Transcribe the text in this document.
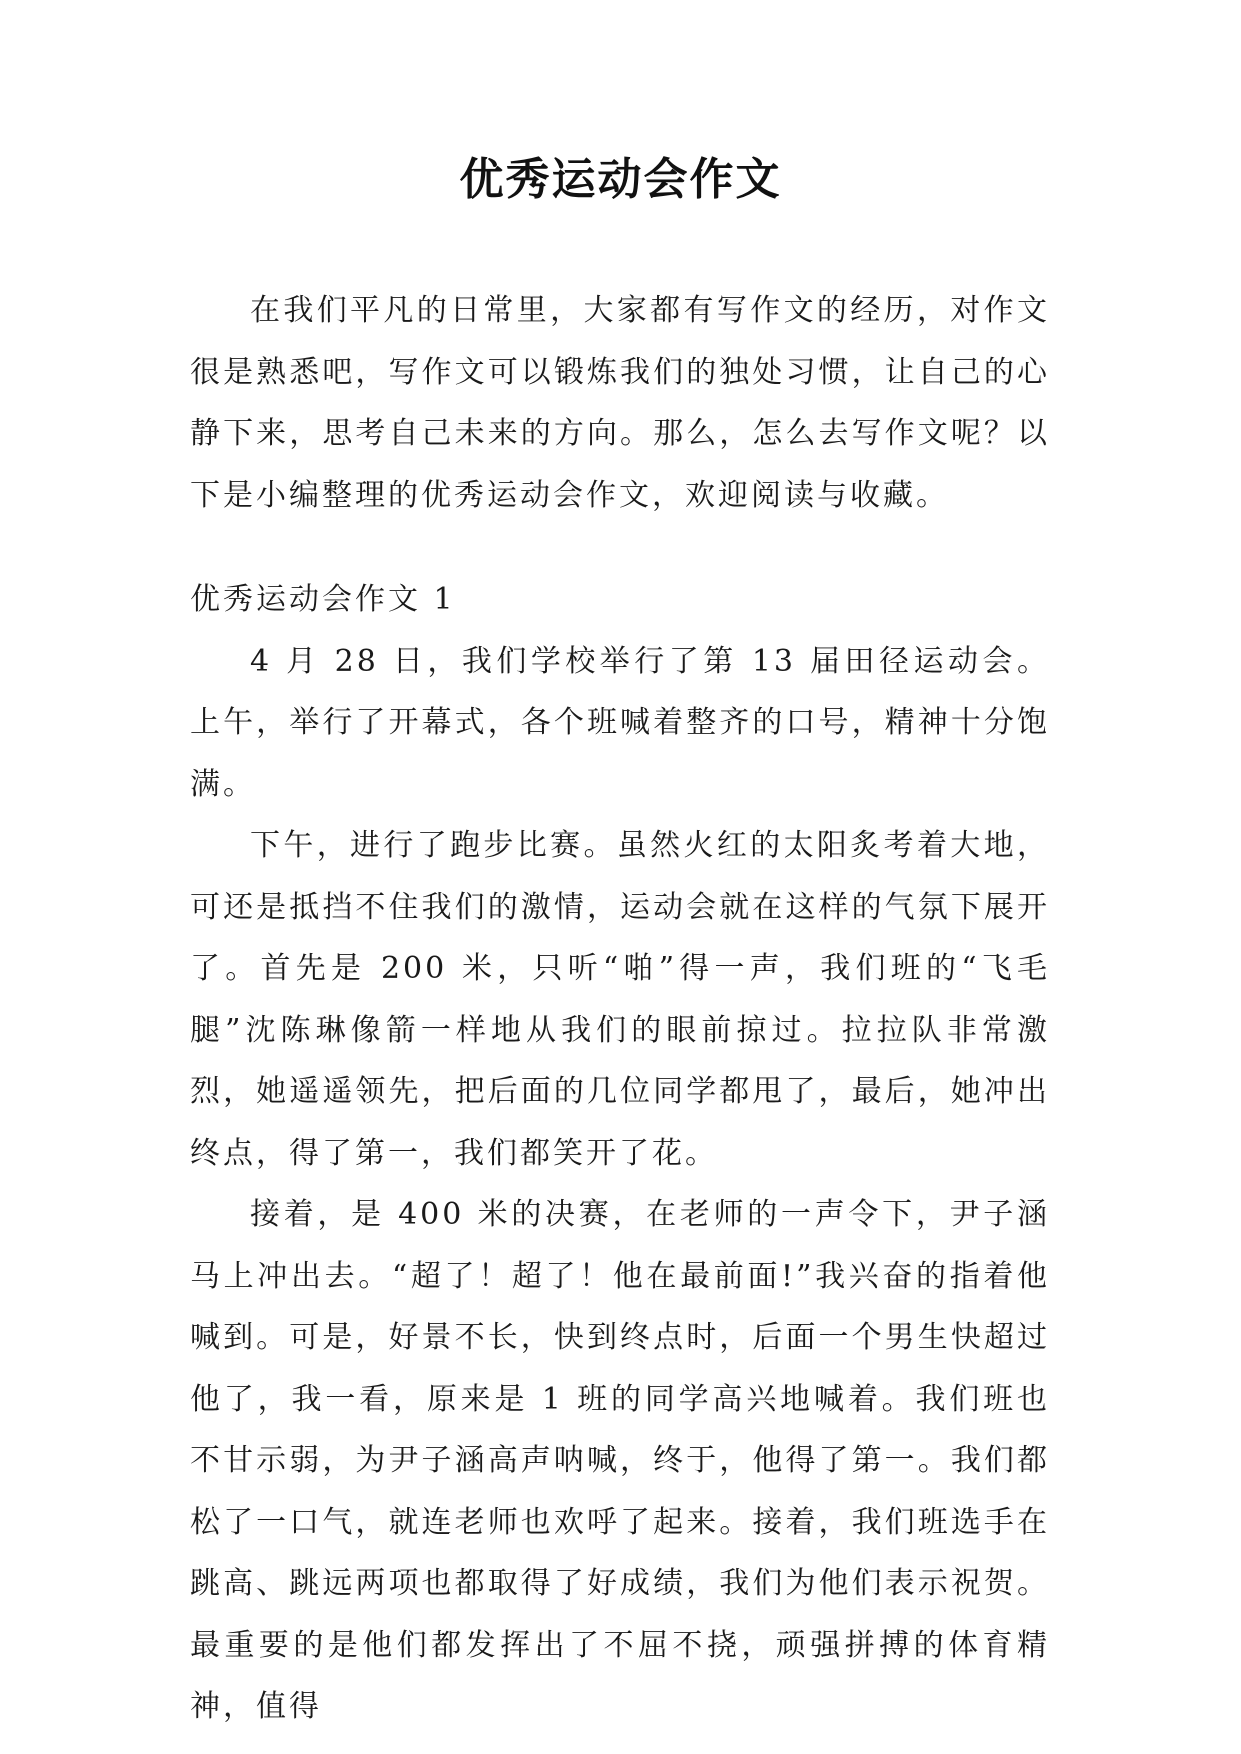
优秀运动会作文

在我们平凡的日常里，大家都有写作文的经历，对作文很是熟悉吧，写作文可以锻炼我们的独处习惯，让自己的心静下来，思考自己未来的方向。那么，怎么去写作文呢？以下是小编整理的优秀运动会作文，欢迎阅读与收藏。

优秀运动会作文 1

4 月 28 日，我们学校举行了第 13 届田径运动会。上午，举行了开幕式，各个班喊着整齐的口号，精神十分饱满。

下午，进行了跑步比赛。虽然火红的太阳炙考着大地，可还是抵挡不住我们的激情，运动会就在这样的气氛下展开了。首先是 200 米，只听“啪”得一声，我们班的“飞毛腿”沈陈琳像箭一样地从我们的眼前掠过。拉拉队非常激烈，她遥遥领先，把后面的几位同学都甩了，最后，她冲出终点，得了第一，我们都笑开了花。

接着，是 400 米的决赛，在老师的一声令下，尹子涵马上冲出去。“超了！超了！他在最前面!”我兴奋的指着他喊到。可是，好景不长，快到终点时，后面一个男生快超过他了，我一看，原来是 1 班的同学高兴地喊着。我们班也不甘示弱，为尹子涵高声呐喊，终于，他得了第一。我们都松了一口气，就连老师也欢呼了起来。接着，我们班选手在跳高、跳远两项也都取得了好成绩，我们为他们表示祝贺。最重要的是他们都发挥出了不屈不挠，顽强拼搏的体育精神，值得
